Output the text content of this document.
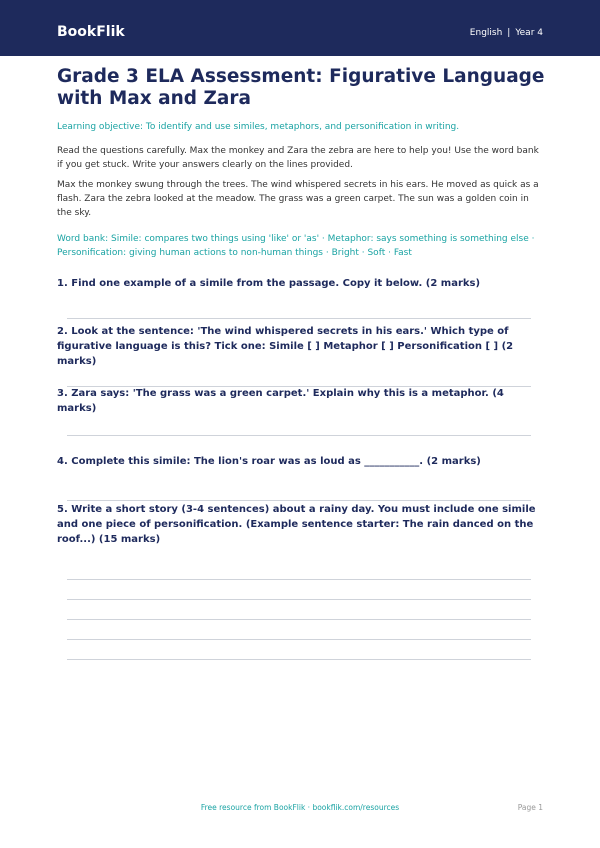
BookFlik	English | Year 4
Grade 3 ELA Assessment: Figurative Language with Max and Zara
Learning objective: To identify and use similes, metaphors, and personification in writing.

Read the questions carefully. Max the monkey and Zara the zebra are here to help you! Use the word bank if you get stuck. Write your answers clearly on the lines provided.

Max the monkey swung through the trees. The wind whispered secrets in his ears. He moved as quick as a flash. Zara the zebra looked at the meadow. The grass was a green carpet. The sun was a golden coin in the sky.

Word bank: Simile: compares two things using 'like' or 'as' · Metaphor: says something is something else · Personification: giving human actions to non-human things · Bright · Soft · Fast
1. Find one example of a simile from the passage. Copy it below. (2 marks)
2. Look at the sentence: 'The wind whispered secrets in his ears.' Which type of figurative language is this? Tick one: Simile [ ] Metaphor [ ] Personification [ ] (2 marks)
3. Zara says: 'The grass was a green carpet.' Explain why this is a metaphor. (4 marks)
4. Complete this simile: The lion's roar was as loud as ___________. (2 marks)
5. Write a short story (3-4 sentences) about a rainy day. You must include one simile and one piece of personification. (Example sentence starter: The rain danced on the roof...) (15 marks)
Free resource from BookFlik · bookflik.com/resources	Page 1
